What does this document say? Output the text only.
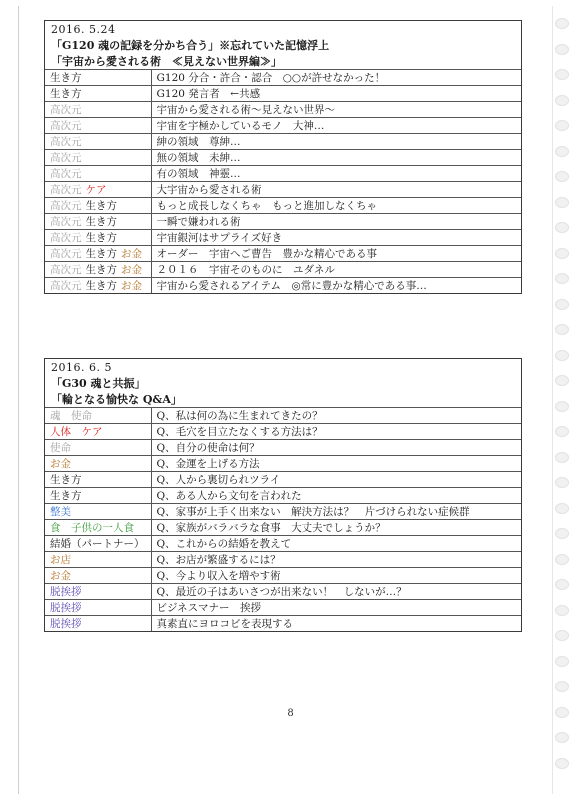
2016. 5.24
「G120 魂の記録を分かち合う」※忘れていた記憶浮上
「宇宙から愛される術　≪見えない世界編≫」
生き方	G120 分合・許合・認合　○○が許せなかった！
生き方	G120 発言者　←共感
高次元	宇宙から愛される術～見えない世界～
高次元	宇宙を宇極かしているモノ　大神…
高次元	紳の領域　尊紳…
高次元	無の領域　未紳…
高次元	有の領域　神靈…
高次元 ケア	大宇宙から愛される術
高次元 生き方	もっと成長しなくちゃ　もっと進加しなくちゃ
高次元 生き方	一瞬で嫌われる術
高次元 生き方	宇宙銀河はサプライズ好き
高次元 生き方 お金	オーダー　宇宙へご曹告　豊かな精心である事
高次元 生き方 お金	２０１６　宇宙そのものに　ユダネル
高次元 生き方 お金	宇宙から愛されるアイテム　◎常に豊かな精心である事…
2016. 6. 5
「G30 魂と共振」
「輪となる愉快な Q&A」
魂　使命	Q、私は何の為に生まれてきたの？
人体　ケア	Q、毛穴を目立たなくする方法は？
使命	Q、自分の使命は何？
お金	Q、金運を上げる方法
生き方	Q、人から裏切られツライ
生き方	Q、ある人から文句を言われた
整美	Q、家事が上手く出来ない　解決方法は？　片づけられない症候群
食　子供の一人食	Q、家族がバラバラな食事　大丈夫でしょうか？
結婚（パートナー）	Q、これからの結婚を教えて
お店	Q、お店が繁盛するには？
お金	Q、今より収入を増やす術
脱挨拶	Q、最近の子はあいさつが出来ない！　しないが…？
脱挨拶	ビジネスマナー　挨拶
脱挨拶	真素直にヨロコビを表現する
8
